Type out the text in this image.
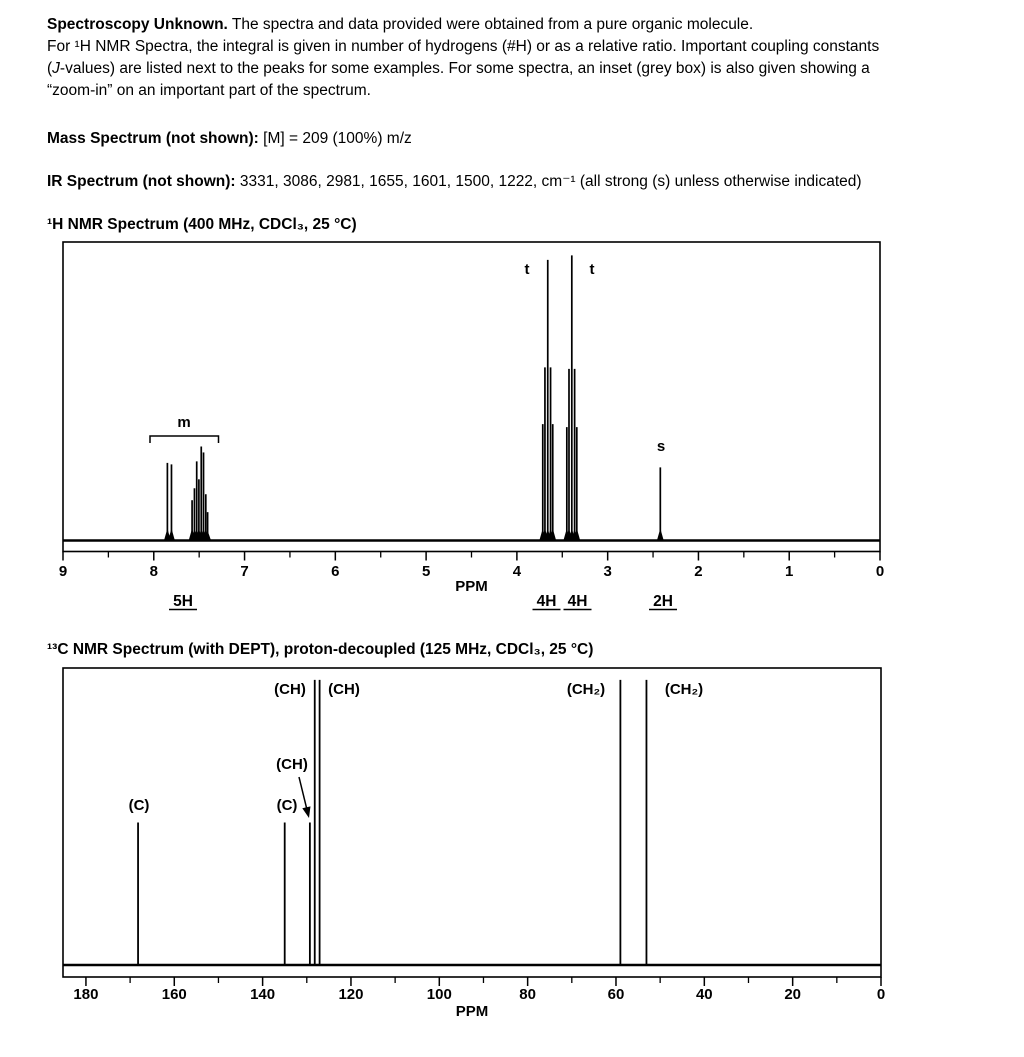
Spectroscopy Unknown. The spectra and data provided were obtained from a pure organic molecule.
For ¹H NMR Spectra, the integral is given in number of hydrogens (#H) or as a relative ratio. Important coupling constants
(J-values) are listed next to the peaks for some examples. For some spectra, an inset (grey box) is also given showing a
“zoom-in” on an important part of the spectrum.
Mass Spectrum (not shown): [M] = 209 (100%) m/z
IR Spectrum (not shown): 3331, 3086, 2981, 1655, 1601, 1500, 1222, cm⁻¹ (all strong (s) unless otherwise indicated)
¹H NMR Spectrum (400 MHz, CDCl₃, 25 °C)
¹³C NMR Spectrum (with DEPT), proton-decoupled (125 MHz, CDCl₃, 25 °C)
9	8	7	6	5	4	3	2	1	0
PPM
m
t	t
s
5H	4H 4H	2H
180	160	140	120	100	80	60	40	20	0
PPM
(C)	(C)
(CH)
(CH) (CH)	(CH₂)	(CH₂)
